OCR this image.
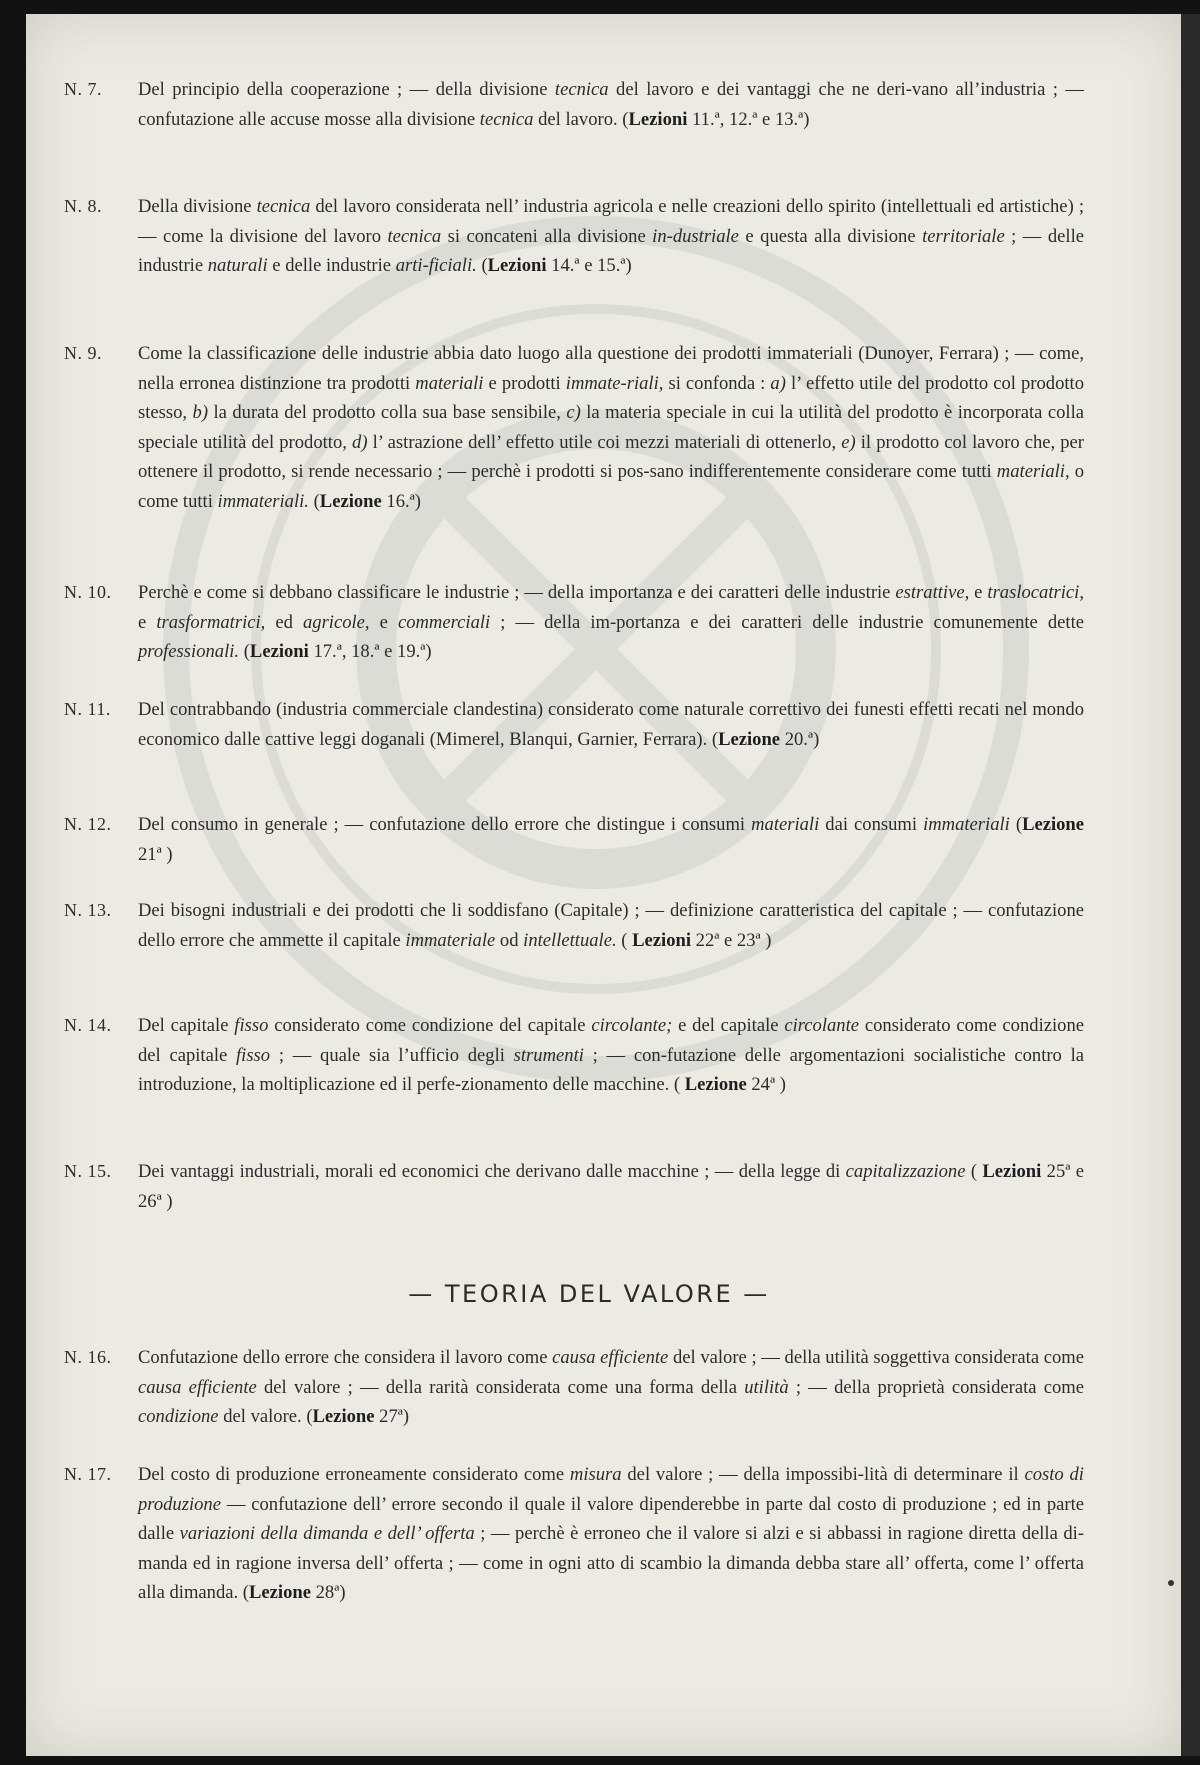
N. 7. Del principio della cooperazione ; — della divisione tecnica del lavoro e dei vantaggi che ne deri-vano all’industria ; — confutazione alle accuse mosse alla divisione tecnica del lavoro. (Lezioni 11.ª, 12.ª e 13.ª)
N. 8. Della divisione tecnica del lavoro considerata nell’ industria agricola e nelle creazioni dello spirito (intellettuali ed artistiche) ; — come la divisione del lavoro tecnica si concateni alla divisione in-dustriale e questa alla divisione territoriale ; — delle industrie naturali e delle industrie arti-ficiali. (Lezioni 14.ª e 15.ª)
N. 9. Come la classificazione delle industrie abbia dato luogo alla questione dei prodotti immateriali (Dunoyer, Ferrara) ; — come, nella erronea distinzione tra prodotti materiali e prodotti immate-riali, si confonda : a) l’ effetto utile del prodotto col prodotto stesso, b) la durata del prodotto colla sua base sensibile, c) la materia speciale in cui la utilità del prodotto è incorporata colla speciale utilità del prodotto, d) l’ astrazione dell’ effetto utile coi mezzi materiali di ottenerlo, e) il prodotto col lavoro che, per ottenere il prodotto, si rende necessario ; — perchè i prodotti si pos-sano indifferentemente considerare come tutti materiali, o come tutti immateriali. (Lezione 16.ª)
N. 10. Perchè e come si debbano classificare le industrie ; — della importanza e dei caratteri delle industrie estrattive, e traslocatrici, e trasformatrici, ed agricole, e commerciali ; — della im-portanza e dei caratteri delle industrie comunemente dette professionali. (Lezioni 17.ª, 18.ª e 19.ª)
N. 11. Del contrabbando (industria commerciale clandestina) considerato come naturale correttivo dei funesti effetti recati nel mondo economico dalle cattive leggi doganali (Mimerel, Blanqui, Garnier, Ferrara). (Lezione 20.ª)
N. 12. Del consumo in generale ; — confutazione dello errore che distingue i consumi materiali dai consumi immateriali (Lezione 21ª )
N. 13. Dei bisogni industriali e dei prodotti che li soddisfano (Capitale) ; — definizione caratteristica del capitale ; — confutazione dello errore che ammette il capitale immateriale od intellettuale. ( Lezioni 22ª e 23ª )
N. 14. Del capitale fisso considerato come condizione del capitale circolante; e del capitale circolante considerato come condizione del capitale fisso ; — quale sia l’ufficio degli strumenti ; — con-futazione delle argomentazioni socialistiche contro la introduzione, la moltiplicazione ed il perfe-zionamento delle macchine. ( Lezione 24ª )
N. 15. Dei vantaggi industriali, morali ed economici che derivano dalle macchine ; — della legge di capitalizzazione ( Lezioni 25ª e 26ª )
— TEORIA DEL VALORE —
N. 16. Confutazione dello errore che considera il lavoro come causa efficiente del valore ; — della utilità soggettiva considerata come causa efficiente del valore ; — della rarità considerata come una forma della utilità ; — della proprietà considerata come condizione del valore. (Lezione 27ª)
N. 17. Del costo di produzione erroneamente considerato come misura del valore ; — della impossibi-lità di determinare il costo di produzione — confutazione dell’ errore secondo il quale il valore dipenderebbe in parte dal costo di produzione ; ed in parte dalle variazioni della dimanda e dell’ offerta ; — perchè è erroneo che il valore si alzi e si abbassi in ragione diretta della di-manda ed in ragione inversa dell’ offerta ; — come in ogni atto di scambio la dimanda debba stare all’ offerta, come l’ offerta alla dimanda. (Lezione 28ª)
